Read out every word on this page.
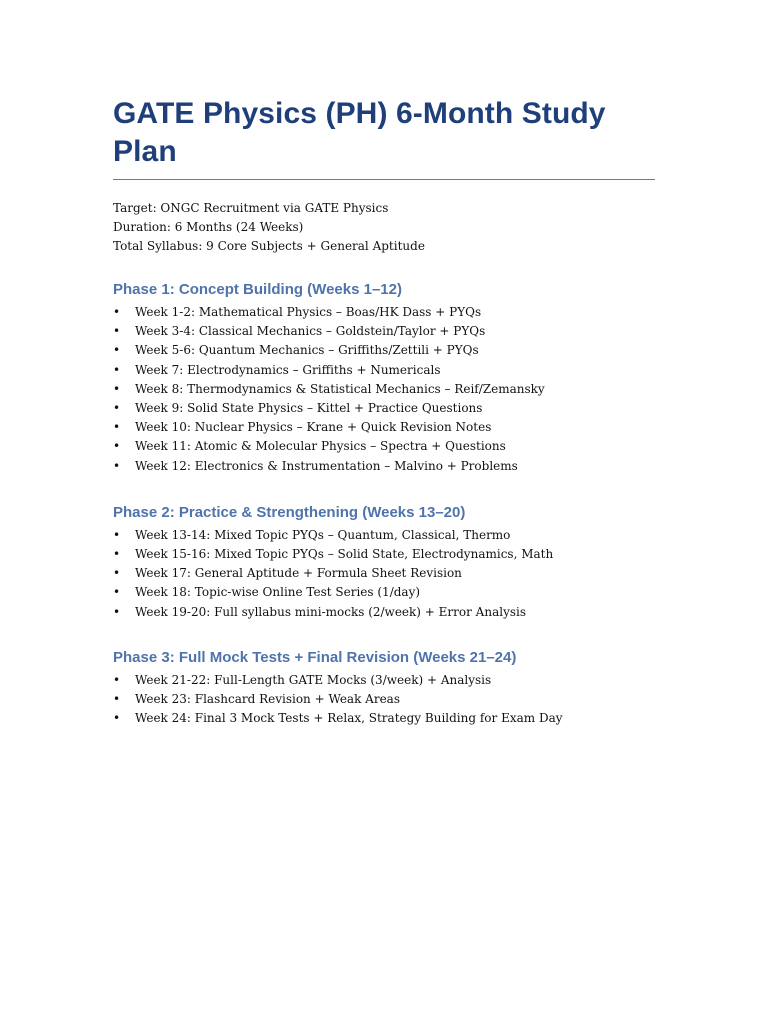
GATE Physics (PH) 6-Month Study Plan
Target: ONGC Recruitment via GATE Physics
Duration: 6 Months (24 Weeks)
Total Syllabus: 9 Core Subjects + General Aptitude
Phase 1: Concept Building (Weeks 1–12)
• Week 1-2: Mathematical Physics – Boas/HK Dass + PYQs
• Week 3-4: Classical Mechanics – Goldstein/Taylor + PYQs
• Week 5-6: Quantum Mechanics – Griffiths/Zettili + PYQs
• Week 7: Electrodynamics – Griffiths + Numericals
• Week 8: Thermodynamics & Statistical Mechanics – Reif/Zemansky
• Week 9: Solid State Physics – Kittel + Practice Questions
• Week 10: Nuclear Physics – Krane + Quick Revision Notes
• Week 11: Atomic & Molecular Physics – Spectra + Questions
• Week 12: Electronics & Instrumentation – Malvino + Problems
Phase 2: Practice & Strengthening (Weeks 13–20)
• Week 13-14: Mixed Topic PYQs – Quantum, Classical, Thermo
• Week 15-16: Mixed Topic PYQs – Solid State, Electrodynamics, Math
• Week 17: General Aptitude + Formula Sheet Revision
• Week 18: Topic-wise Online Test Series (1/day)
• Week 19-20: Full syllabus mini-mocks (2/week) + Error Analysis
Phase 3: Full Mock Tests + Final Revision (Weeks 21–24)
• Week 21-22: Full-Length GATE Mocks (3/week) + Analysis
• Week 23: Flashcard Revision + Weak Areas
• Week 24: Final 3 Mock Tests + Relax, Strategy Building for Exam Day
